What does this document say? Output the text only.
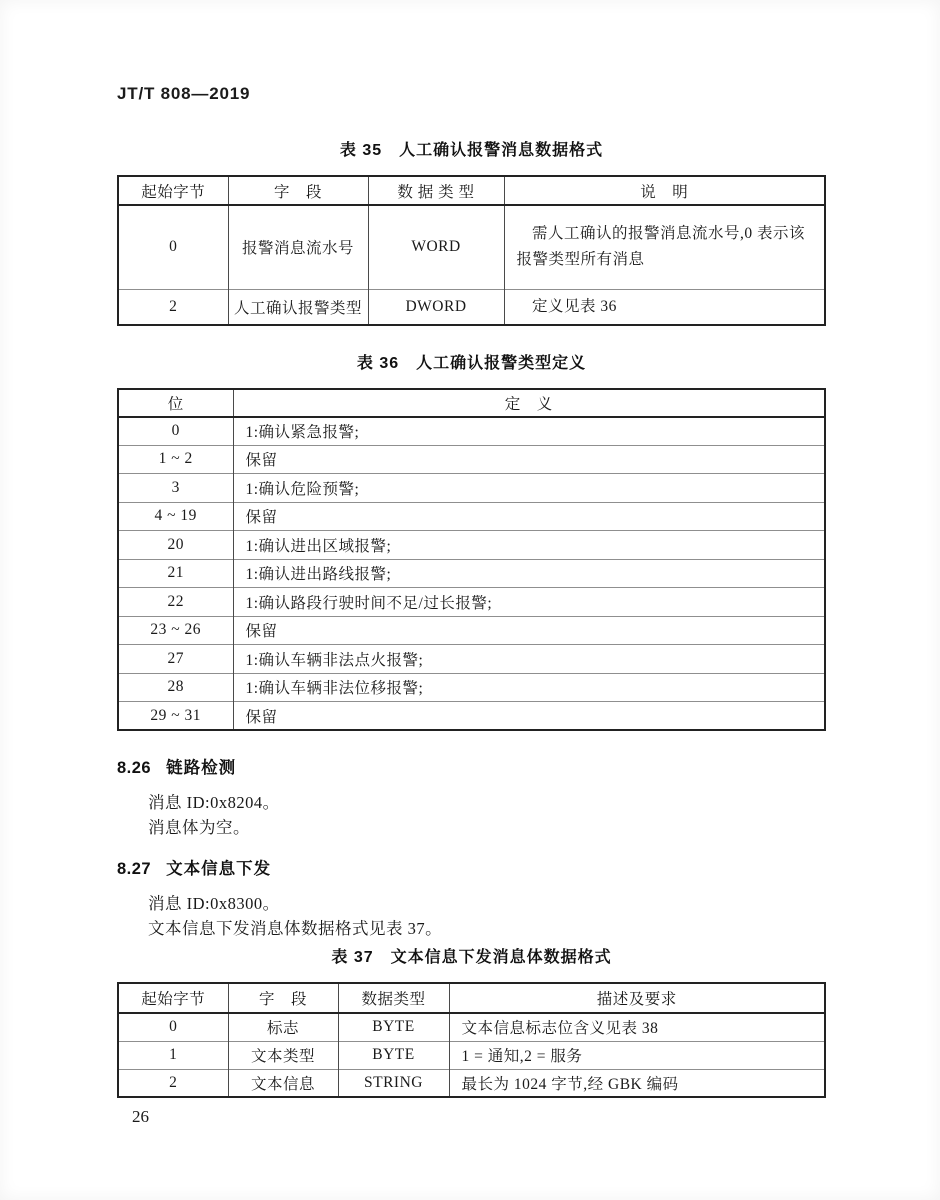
JT/T 808—2019
表 35　人工确认报警消息数据格式
起始字节	字　段	数 据 类 型	说　明
0	报警消息流水号	WORD	需人工确认的报警消息流水号,0 表示该报警类型所有消息
2	人工确认报警类型	DWORD	定义见表 36
表 36　人工确认报警类型定义
位	定　义
0	1:确认紧急报警;
1 ~ 2	保留
3	1:确认危险预警;
4 ~ 19	保留
20	1:确认进出区域报警;
21	1:确认进出路线报警;
22	1:确认路段行驶时间不足/过长报警;
23 ~ 26	保留
27	1:确认车辆非法点火报警;
28	1:确认车辆非法位移报警;
29 ~ 31	保留
8.26 链路检测

消息 ID:0x8204。

消息体为空。

8.27 文本信息下发

消息 ID:0x8300。

文本信息下发消息体数据格式见表 37。

表 37　文本信息下发消息体数据格式
起始字节	字　段	数据类型	描述及要求
0	标志	BYTE	文本信息标志位含义见表 38
1	文本类型	BYTE	1 = 通知,2 = 服务
2	文本信息	STRING	最长为 1024 字节,经 GBK 编码
26
